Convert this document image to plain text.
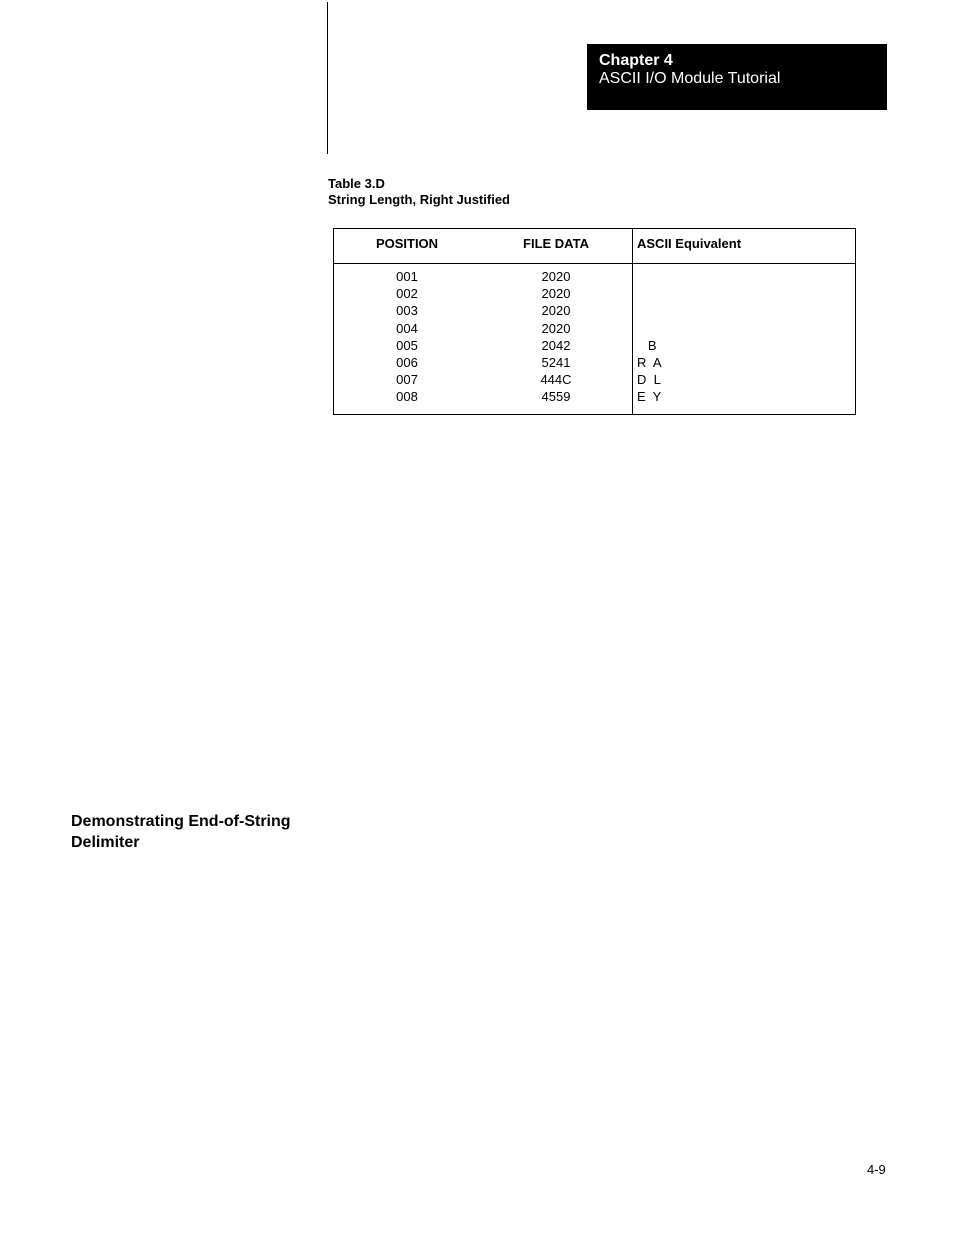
Chapter 4
ASCII I/O Module Tutorial
Table 3.D
String Length, Right Justified
POSITION	FILE DATA	ASCII Equivalent
001	2020
002	2020
003	2020
004	2020
005	2042	B
006	5241	R  A
007	444C	D  L
008	4559	E  Y
Demonstrating End-of-String
Delimiter
4-9
